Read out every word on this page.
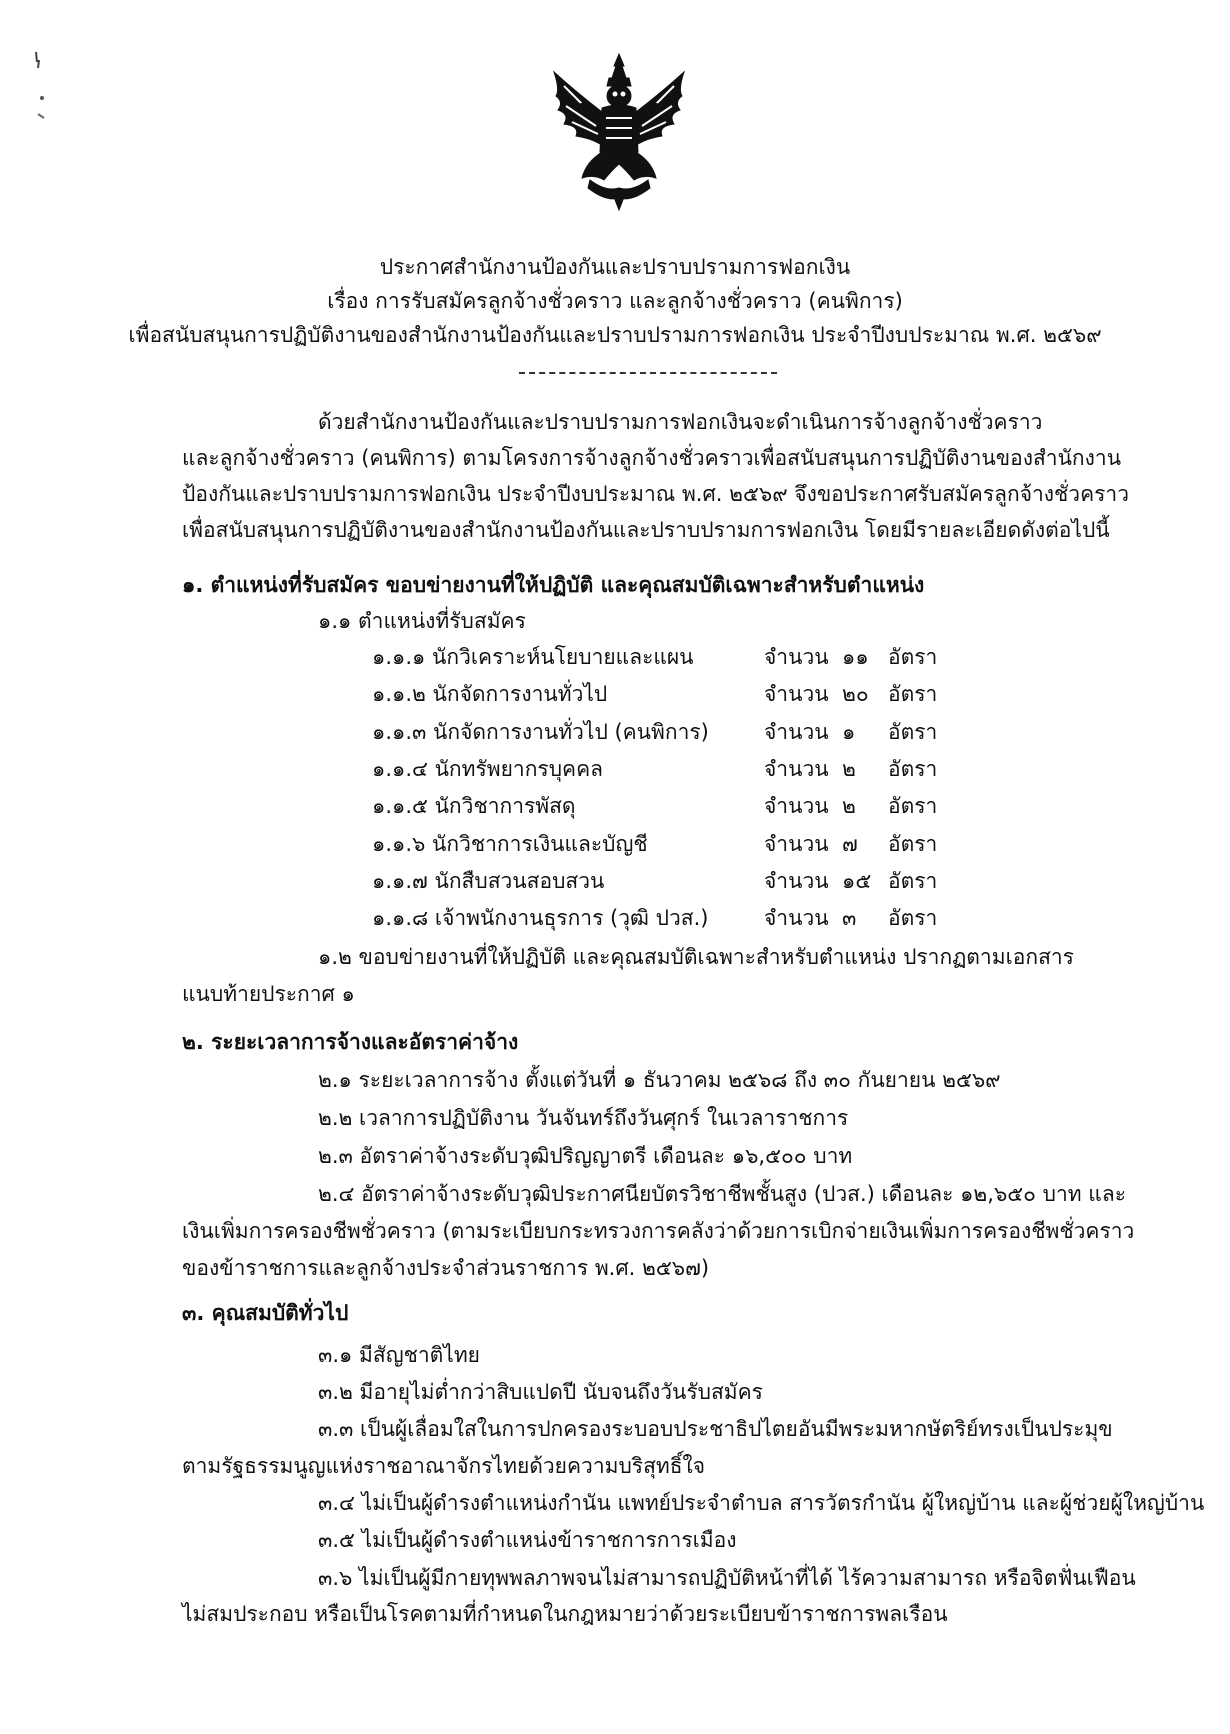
ประกาศสำนักงานป้องกันและปราบปรามการฟอกเงิน
เรื่อง การรับสมัครลูกจ้างชั่วคราว และลูกจ้างชั่วคราว (คนพิการ)
เพื่อสนับสนุนการปฏิบัติงานของสำนักงานป้องกันและปราบปรามการฟอกเงิน ประจำปีงบประมาณ พ.ศ. ๒๕๖๙
ด้วยสำนักงานป้องกันและปราบปรามการฟอกเงินจะดำเนินการจ้างลูกจ้างชั่วคราว
และลูกจ้างชั่วคราว (คนพิการ) ตามโครงการจ้างลูกจ้างชั่วคราวเพื่อสนับสนุนการปฏิบัติงานของสำนักงาน
ป้องกันและปราบปรามการฟอกเงิน ประจำปีงบประมาณ พ.ศ. ๒๕๖๙ จึงขอประกาศรับสมัครลูกจ้างชั่วคราว
เพื่อสนับสนุนการปฏิบัติงานของสำนักงานป้องกันและปราบปรามการฟอกเงิน โดยมีรายละเอียดดังต่อไปนี้
๑. ตำแหน่งที่รับสมัคร ขอบข่ายงานที่ให้ปฏิบัติ และคุณสมบัติเฉพาะสำหรับตำแหน่ง
๑.๑ ตำแหน่งที่รับสมัคร
๑.๑.๑ นักวิเคราะห์นโยบายและแผน	จำนวน ๑๑ อัตรา
๑.๑.๒ นักจัดการงานทั่วไป	จำนวน ๒๐ อัตรา
๑.๑.๓ นักจัดการงานทั่วไป (คนพิการ)	จำนวน ๑ อัตรา
๑.๑.๔ นักทรัพยากรบุคคล	จำนวน ๒ อัตรา
๑.๑.๕ นักวิชาการพัสดุ	จำนวน ๒ อัตรา
๑.๑.๖ นักวิชาการเงินและบัญชี	จำนวน ๗ อัตรา
๑.๑.๗ นักสืบสวนสอบสวน	จำนวน ๑๕ อัตรา
๑.๑.๘ เจ้าพนักงานธุรการ (วุฒิ ปวส.)	จำนวน ๓ อัตรา
๑.๒ ขอบข่ายงานที่ให้ปฏิบัติ และคุณสมบัติเฉพาะสำหรับตำแหน่ง ปรากฏตามเอกสาร
แนบท้ายประกาศ ๑
๒. ระยะเวลาการจ้างและอัตราค่าจ้าง
๒.๑ ระยะเวลาการจ้าง ตั้งแต่วันที่ ๑ ธันวาคม ๒๕๖๘ ถึง ๓๐ กันยายน ๒๕๖๙
๒.๒ เวลาการปฏิบัติงาน วันจันทร์ถึงวันศุกร์ ในเวลาราชการ
๒.๓ อัตราค่าจ้างระดับวุฒิปริญญาตรี เดือนละ ๑๖,๕๐๐ บาท
๒.๔ อัตราค่าจ้างระดับวุฒิประกาศนียบัตรวิชาชีพชั้นสูง (ปวส.) เดือนละ ๑๒,๖๕๐ บาท และ
เงินเพิ่มการครองชีพชั่วคราว (ตามระเบียบกระทรวงการคลังว่าด้วยการเบิกจ่ายเงินเพิ่มการครองชีพชั่วคราว
ของข้าราชการและลูกจ้างประจำส่วนราชการ พ.ศ. ๒๕๖๗)
๓. คุณสมบัติทั่วไป
๓.๑ มีสัญชาติไทย
๓.๒ มีอายุไม่ต่ำกว่าสิบแปดปี นับจนถึงวันรับสมัคร
๓.๓ เป็นผู้เลื่อมใสในการปกครองระบอบประชาธิปไตยอันมีพระมหากษัตริย์ทรงเป็นประมุข
ตามรัฐธรรมนูญแห่งราชอาณาจักรไทยด้วยความบริสุทธิ์ใจ
๓.๔ ไม่เป็นผู้ดำรงตำแหน่งกำนัน แพทย์ประจำตำบล สารวัตรกำนัน ผู้ใหญ่บ้าน และผู้ช่วยผู้ใหญ่บ้าน
๓.๕ ไม่เป็นผู้ดำรงตำแหน่งข้าราชการการเมือง
๓.๖ ไม่เป็นผู้มีกายทุพพลภาพจนไม่สามารถปฏิบัติหน้าที่ได้ ไร้ความสามารถ หรือจิตฟั่นเฟือน
ไม่สมประกอบ หรือเป็นโรคตามที่กำหนดในกฎหมายว่าด้วยระเบียบข้าราชการพลเรือน
